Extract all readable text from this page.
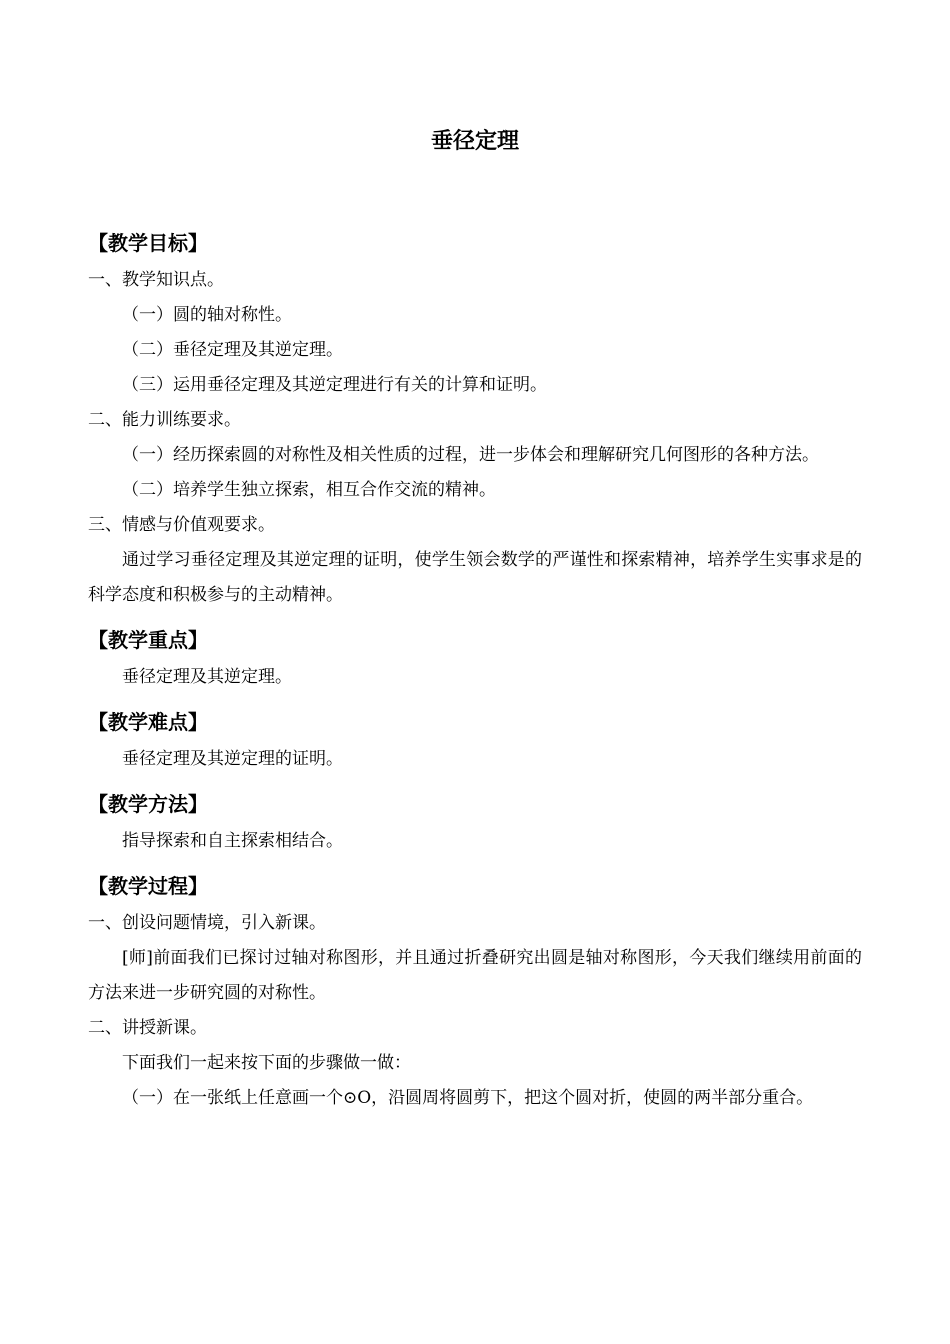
垂径定理
【教学目标】

一、教学知识点。

（一）圆的轴对称性。

（二）垂径定理及其逆定理。

（三）运用垂径定理及其逆定理进行有关的计算和证明。

二、能力训练要求。

（一）经历探索圆的对称性及相关性质的过程，进一步体会和理解研究几何图形的各种方法。

（二）培养学生独立探索，相互合作交流的精神。

三、情感与价值观要求。

通过学习垂径定理及其逆定理的证明，使学生领会数学的严谨性和探索精神，培养学生实事求是的科学态度和积极参与的主动精神。

【教学重点】

垂径定理及其逆定理。

【教学难点】

垂径定理及其逆定理的证明。

【教学方法】

指导探索和自主探索相结合。

【教学过程】

一、创设问题情境，引入新课。

[师]前面我们已探讨过轴对称图形，并且通过折叠研究出圆是轴对称图形，今天我们继续用前面的方法来进一步研究圆的对称性。

二、讲授新课。

下面我们一起来按下面的步骤做一做：

（一）在一张纸上任意画一个⊙O，沿圆周将圆剪下，把这个圆对折，使圆的两半部分重合。
